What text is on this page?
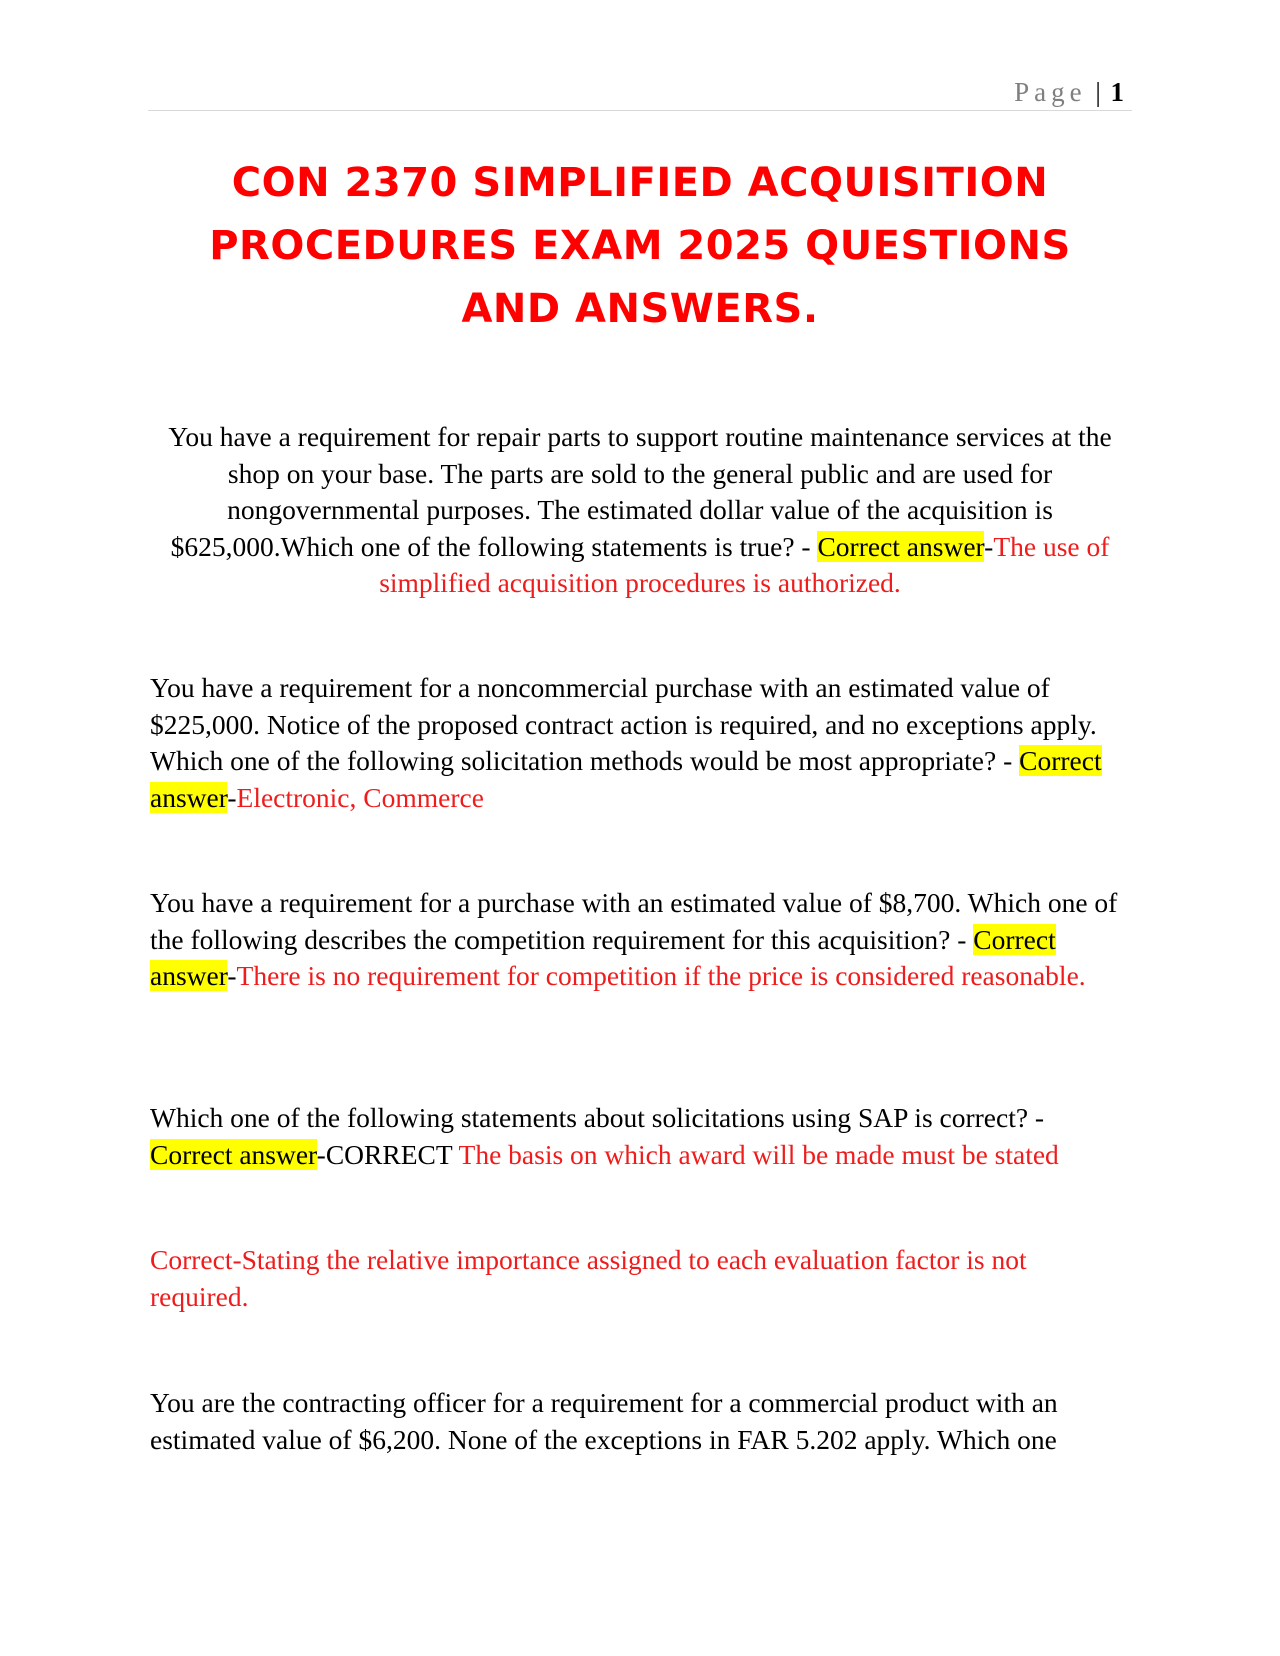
Page | 1
CON 2370 SIMPLIFIED ACQUISITION
PROCEDURES EXAM 2025 QUESTIONS
AND ANSWERS.

You have a requirement for repair parts to support routine maintenance services at the shop on your base. The parts are sold to the general public and are used for nongovernmental purposes. The estimated dollar value of the acquisition is $625,000.Which one of the following statements is true? - Correct answer-The use of simplified acquisition procedures is authorized.

You have a requirement for a noncommercial purchase with an estimated value of $225,000. Notice of the proposed contract action is required, and no exceptions apply. Which one of the following solicitation methods would be most appropriate? - Correct answer-Electronic, Commerce

You have a requirement for a purchase with an estimated value of $8,700. Which one of the following describes the competition requirement for this acquisition? - Correct answer-There is no requirement for competition if the price is considered reasonable.

Which one of the following statements about solicitations using SAP is correct? - Correct answer-CORRECT The basis on which award will be made must be stated

Correct-Stating the relative importance assigned to each evaluation factor is not required.

You are the contracting officer for a requirement for a commercial product with an estimated value of $6,200. None of the exceptions in FAR 5.202 apply. Which one
